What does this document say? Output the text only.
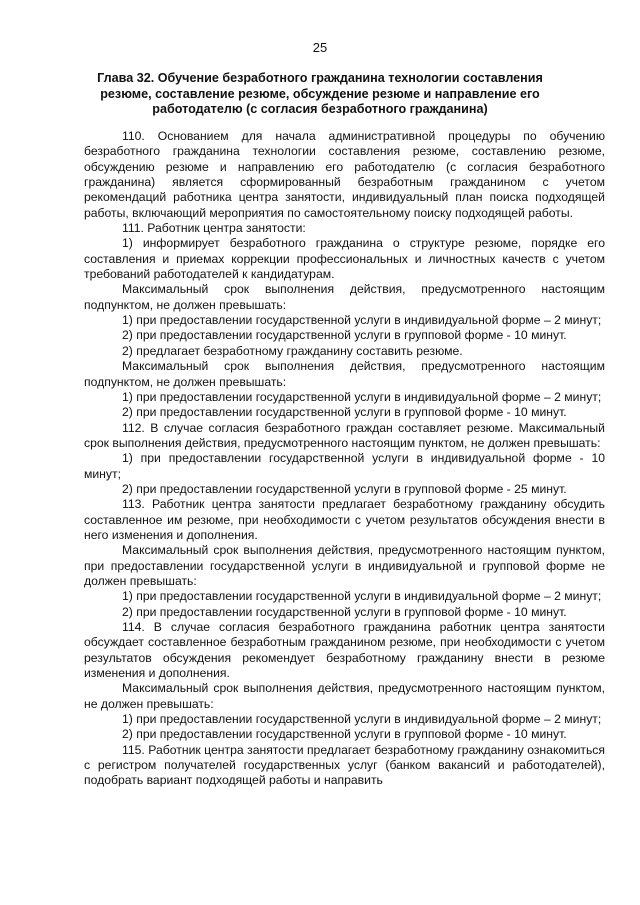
25
Глава 32. Обучение безработного гражданина технологии составления резюме, составление резюме, обсуждение резюме и направление его работодателю (с согласия безработного гражданина)

110. Основанием для начала административной процедуры по обучению безработного гражданина технологии составления резюме, составлению резюме, обсуждению резюме и направлению его работодателю (с согласия безработного гражданина) является сформированный безработным гражданином с учетом рекомендаций работника центра занятости, индивидуальный план поиска подходящей работы, включающий мероприятия по самостоятельному поиску подходящей работы.

111. Работник центра занятости:

1) информирует безработного гражданина о структуре резюме, порядке его составления и приемах коррекции профессиональных и личностных качеств с учетом требований работодателей к кандидатурам.

Максимальный срок выполнения действия, предусмотренного настоящим подпунктом, не должен превышать:

1) при предоставлении государственной услуги в индивидуальной форме – 2 минут;

2) при предоставлении государственной услуги в групповой форме - 10 минут.

2) предлагает безработному гражданину составить резюме.

Максимальный срок выполнения действия, предусмотренного настоящим подпунктом, не должен превышать:

1) при предоставлении государственной услуги в индивидуальной форме – 2 минут;

2) при предоставлении государственной услуги в групповой форме - 10 минут.

112. В случае согласия безработного граждан составляет резюме. Максимальный срок выполнения действия, предусмотренного настоящим пунктом, не должен превышать:

1) при предоставлении государственной услуги в индивидуальной форме - 10 минут;

2) при предоставлении государственной услуги в групповой форме - 25 минут.

113. Работник центра занятости предлагает безработному гражданину обсудить составленное им резюме, при необходимости с учетом результатов обсуждения внести в него изменения и дополнения.

Максимальный срок выполнения действия, предусмотренного настоящим пунктом, при предоставлении государственной услуги в индивидуальной и групповой форме не должен превышать:

1) при предоставлении государственной услуги в индивидуальной форме – 2 минут;

2) при предоставлении государственной услуги в групповой форме - 10 минут.

114. В случае согласия безработного гражданина работник центра занятости обсуждает составленное безработным гражданином резюме, при необходимости с учетом результатов обсуждения рекомендует безработному гражданину внести в резюме изменения и дополнения.

Максимальный срок выполнения действия, предусмотренного настоящим пунктом, не должен превышать:

1) при предоставлении государственной услуги в индивидуальной форме – 2 минут;

2) при предоставлении государственной услуги в групповой форме - 10 минут.

115. Работник центра занятости предлагает безработному гражданину ознакомиться с регистром получателей государственных услуг (банком вакансий и работодателей), подобрать вариант подходящей работы и направить
